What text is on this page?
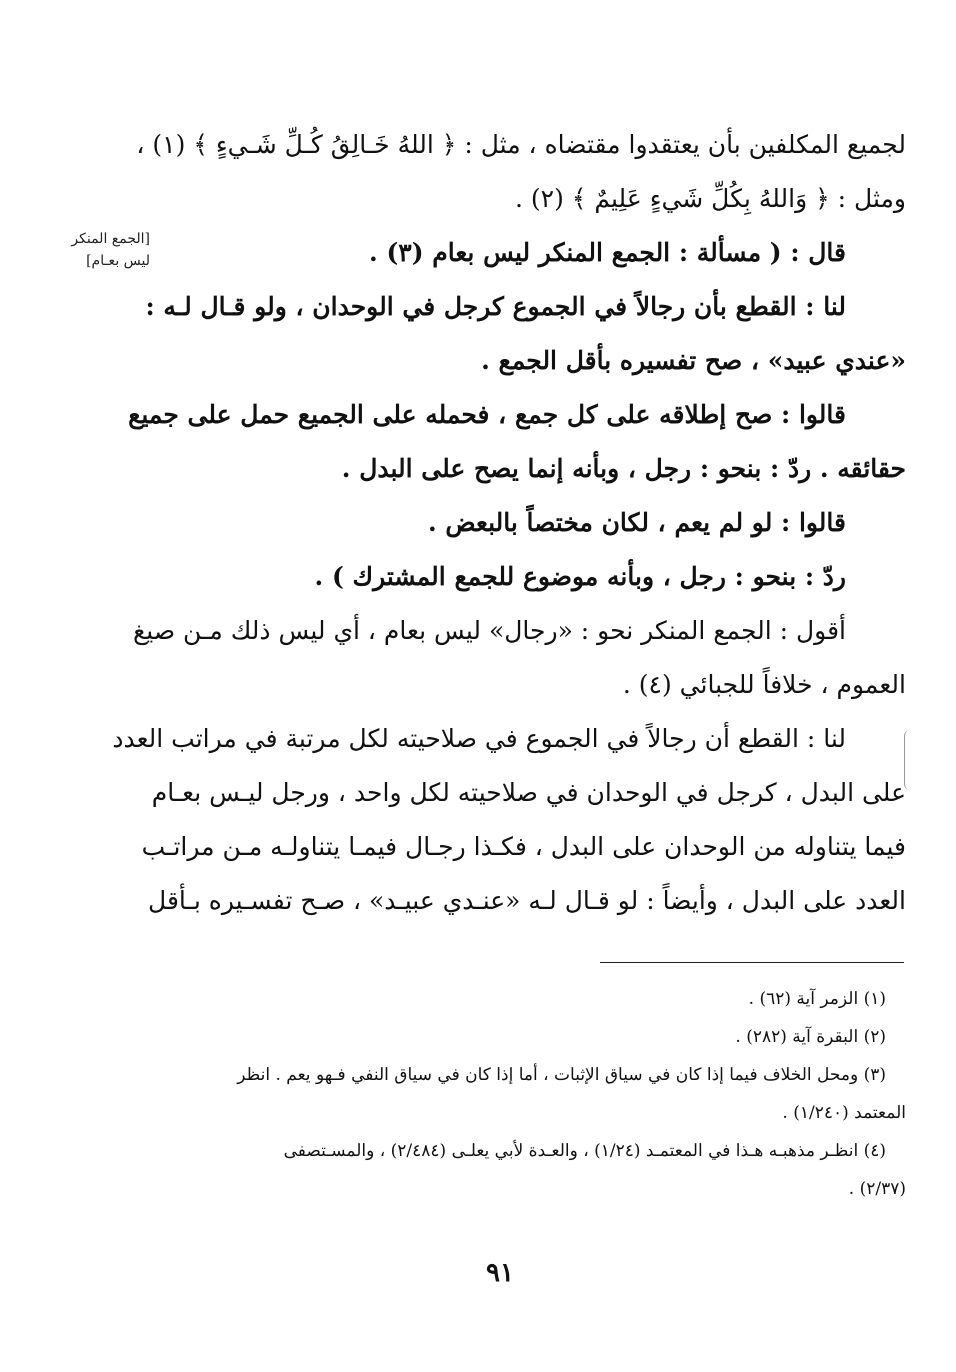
[الجمع المنكر
ليس بعـام]
لجميع المكلفين بأن يعتقدوا مقتضاه ، مثل : ﴿ اللهُ خَـالِقُ كُـلِّ شَـيءٍ ﴾ (١) ،
ومثل : ﴿ وَاللهُ بِكُلِّ شَيءٍ عَلِيمٌ ﴾ (٢) .
قال : ( مسألة : الجمع المنكر ليس بعام (٣) .
لنا : القطع بأن رجالاً في الجموع كرجل في الوحدان ، ولو قـال لـه :
«عندي عبيد» ، صح تفسيره بأقل الجمع .
قالوا : صح إطلاقه على كل جمع ، فحمله على الجميع حمل على جميع
حقائقه . ردّ : بنحو : رجل ، وبأنه إنما يصح على البدل .
قالوا : لو لم يعم ، لكان مختصاً بالبعض .
ردّ : بنحو : رجل ، وبأنه موضوع للجمع المشترك ) .
أقول : الجمع المنكر نحو : «رجال» ليس بعام ، أي ليس ذلك مـن صيغ
العموم ، خلافاً للجبائي (٤) .
لنا : القطع أن رجالاً في الجموع في صلاحيته لكل مرتبة في مراتب العدد
على البدل ، كرجل في الوحدان في صلاحيته لكل واحد ، ورجل ليـس بعـام
فيما يتناوله من الوحدان على البدل ، فكـذا رجـال فيمـا يتناولـه مـن مراتـب
العدد على البدل ، وأيضاً : لو قـال لـه «عنـدي عبيـد» ، صـح تفسـيره بـأقل
(١) الزمر آية (٦٢) .
(٢) البقرة آية (٢٨٢) .
(٣) ومحل الخلاف فيما إذا كان في سياق الإثبات ، أما إذا كان في سياق النفي فـهو يعم . انظر
المعتمد (١/٢٤٠) .
(٤) انظـر مذهبـه هـذا في المعتمـد (١/٢٤) ، والعـدة لأبي يعلـى (٢/٤٨٤) ، والمسـتصفى
(٢/٣٧) .
٩١
